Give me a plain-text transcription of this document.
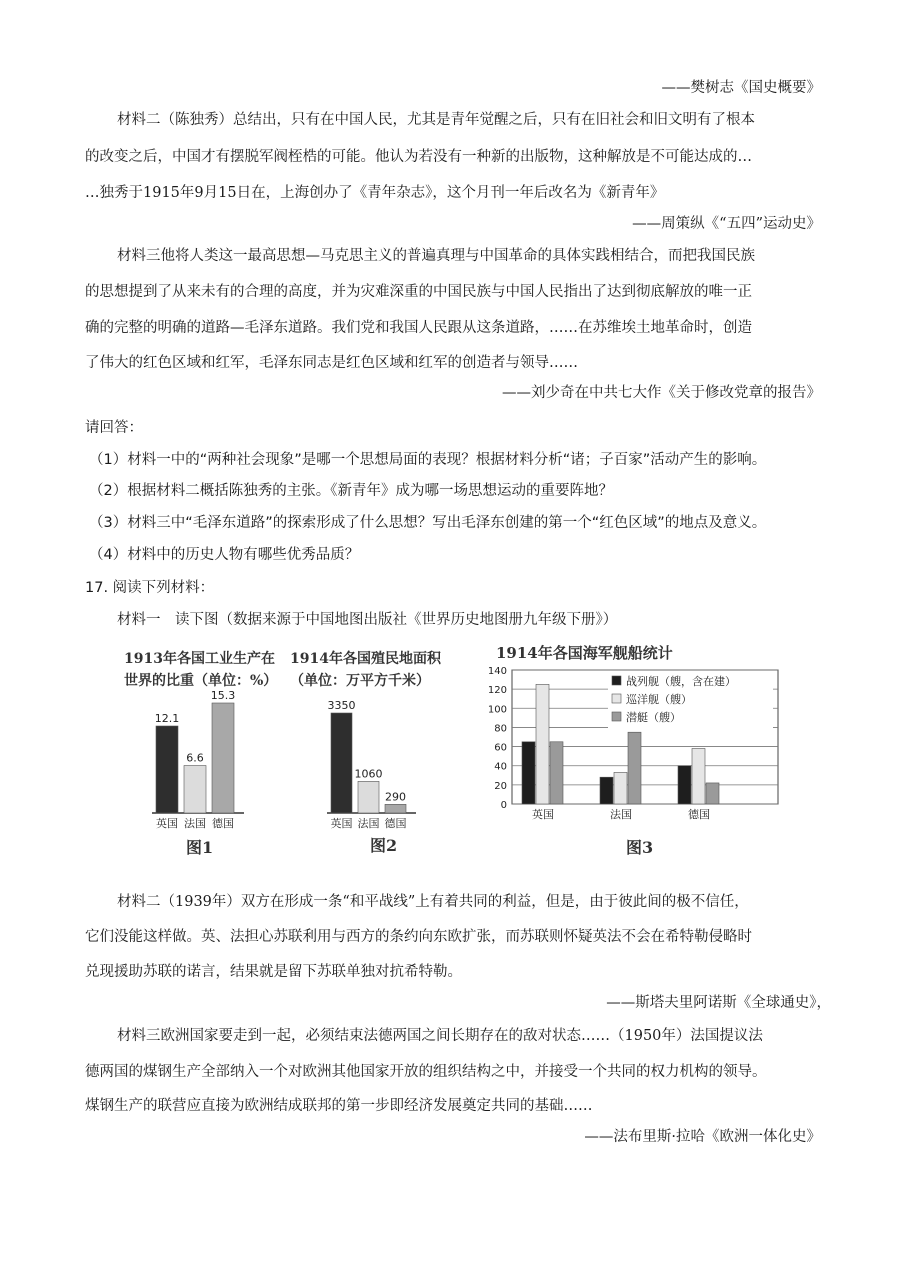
——樊树志《国史概要》
材料二（陈独秀）总结出，只有在中国人民，尤其是青年觉醒之后，只有在旧社会和旧文明有了根本
的改变之后，中国才有摆脱军阀桎梏的可能。他认为若没有一种新的出版物，这种解放是不可能达成的…
…独秀于1915年9月15日在，上海创办了《青年杂志》，这个月刊一年后改名为《新青年》
——周策纵《“五四”运动史》
材料三他将人类这一最高思想—马克思主义的普遍真理与中国革命的具体实践相结合，而把我国民族
的思想提到了从来未有的合理的高度，并为灾难深重的中国民族与中国人民指出了达到彻底解放的唯一正
确的完整的明确的道路—毛泽东道路。我们党和我国人民跟从这条道路，……在苏维埃土地革命时，创造
了伟大的红色区域和红军，毛泽东同志是红色区域和红军的创造者与领导……
——刘少奇在中共七大作《关于修改党章的报告》
请回答：
（1）材料一中的“两种社会现象”是哪一个思想局面的表现？根据材料分析“诸；子百家”活动产生的影响。
（2）根据材料二概括陈独秀的主张。《新青年》成为哪一场思想运动的重要阵地？
（3）材料三中“毛泽东道路”的探索形成了什么思想？写出毛泽东创建的第一个“红色区域”的地点及意义。
（4）材料中的历史人物有哪些优秀品质？
17. 阅读下列材料：
材料一　读下图（数据来源于中国地图出版社《世界历史地图册九年级下册》）
1913年各国工业生产在
世界的比重（单位：%）
12.1
英国
6.6
法国
15.3
德国
图1
1914年各国殖民地面积
（单位：万平方千米）
3350
英国
1060
法国
290
德国
图2
1914年各国海军舰船统计
0
20
40
60
80
100
120
140
英国	法国	德国
战列舰（艘，含在建）
巡洋舰（艘）
潜艇（艘）
图3
材料二（1939年）双方在形成一条“和平战线”上有着共同的利益，但是，由于彼此间的极不信任，
它们没能这样做。英、法担心苏联利用与西方的条约向东欧扩张，而苏联则怀疑英法不会在希特勒侵略时
兑现援助苏联的诺言，结果就是留下苏联单独对抗希特勒。
——斯塔夫里阿诺斯《全球通史》，
材料三欧洲国家要走到一起，必须结束法德两国之间长期存在的敌对状态……（1950年）法国提议法
德两国的煤钢生产全部纳入一个对欧洲其他国家开放的组织结构之中，并接受一个共同的权力机构的领导。
煤钢生产的联营应直接为欧洲结成联邦的第一步即经济发展奠定共同的基础……
——法布里斯·拉哈《欧洲一体化史》
